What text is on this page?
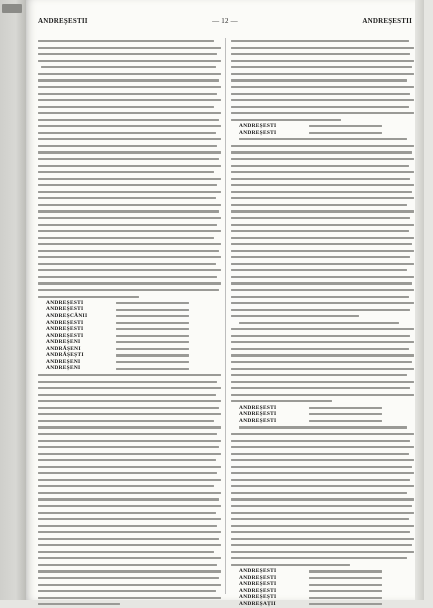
ANDREȘESTII	— 12 —	ANDREȘESTII
ANDREȘESTI
ANDREȘESTI
ANDREȘCĂNII
ANDREȘESTI
ANDREȘESTI
ANDREȘESTI
ANDREȘENI
ANDRĂȘENI
ANDRĂȘEȘTI
ANDREȘENI
ANDREȘENI
ANDREȘESTI
ANDREȘESTI
ANDREȘESTI
ANDREȘESTI
ANDREȘESTI
ANDREȘESTI
ANDREȘESTI
ANDREȘESTI
ANDREȘESTI
ANDREȘEȘTI
ANDREȘAȚII
